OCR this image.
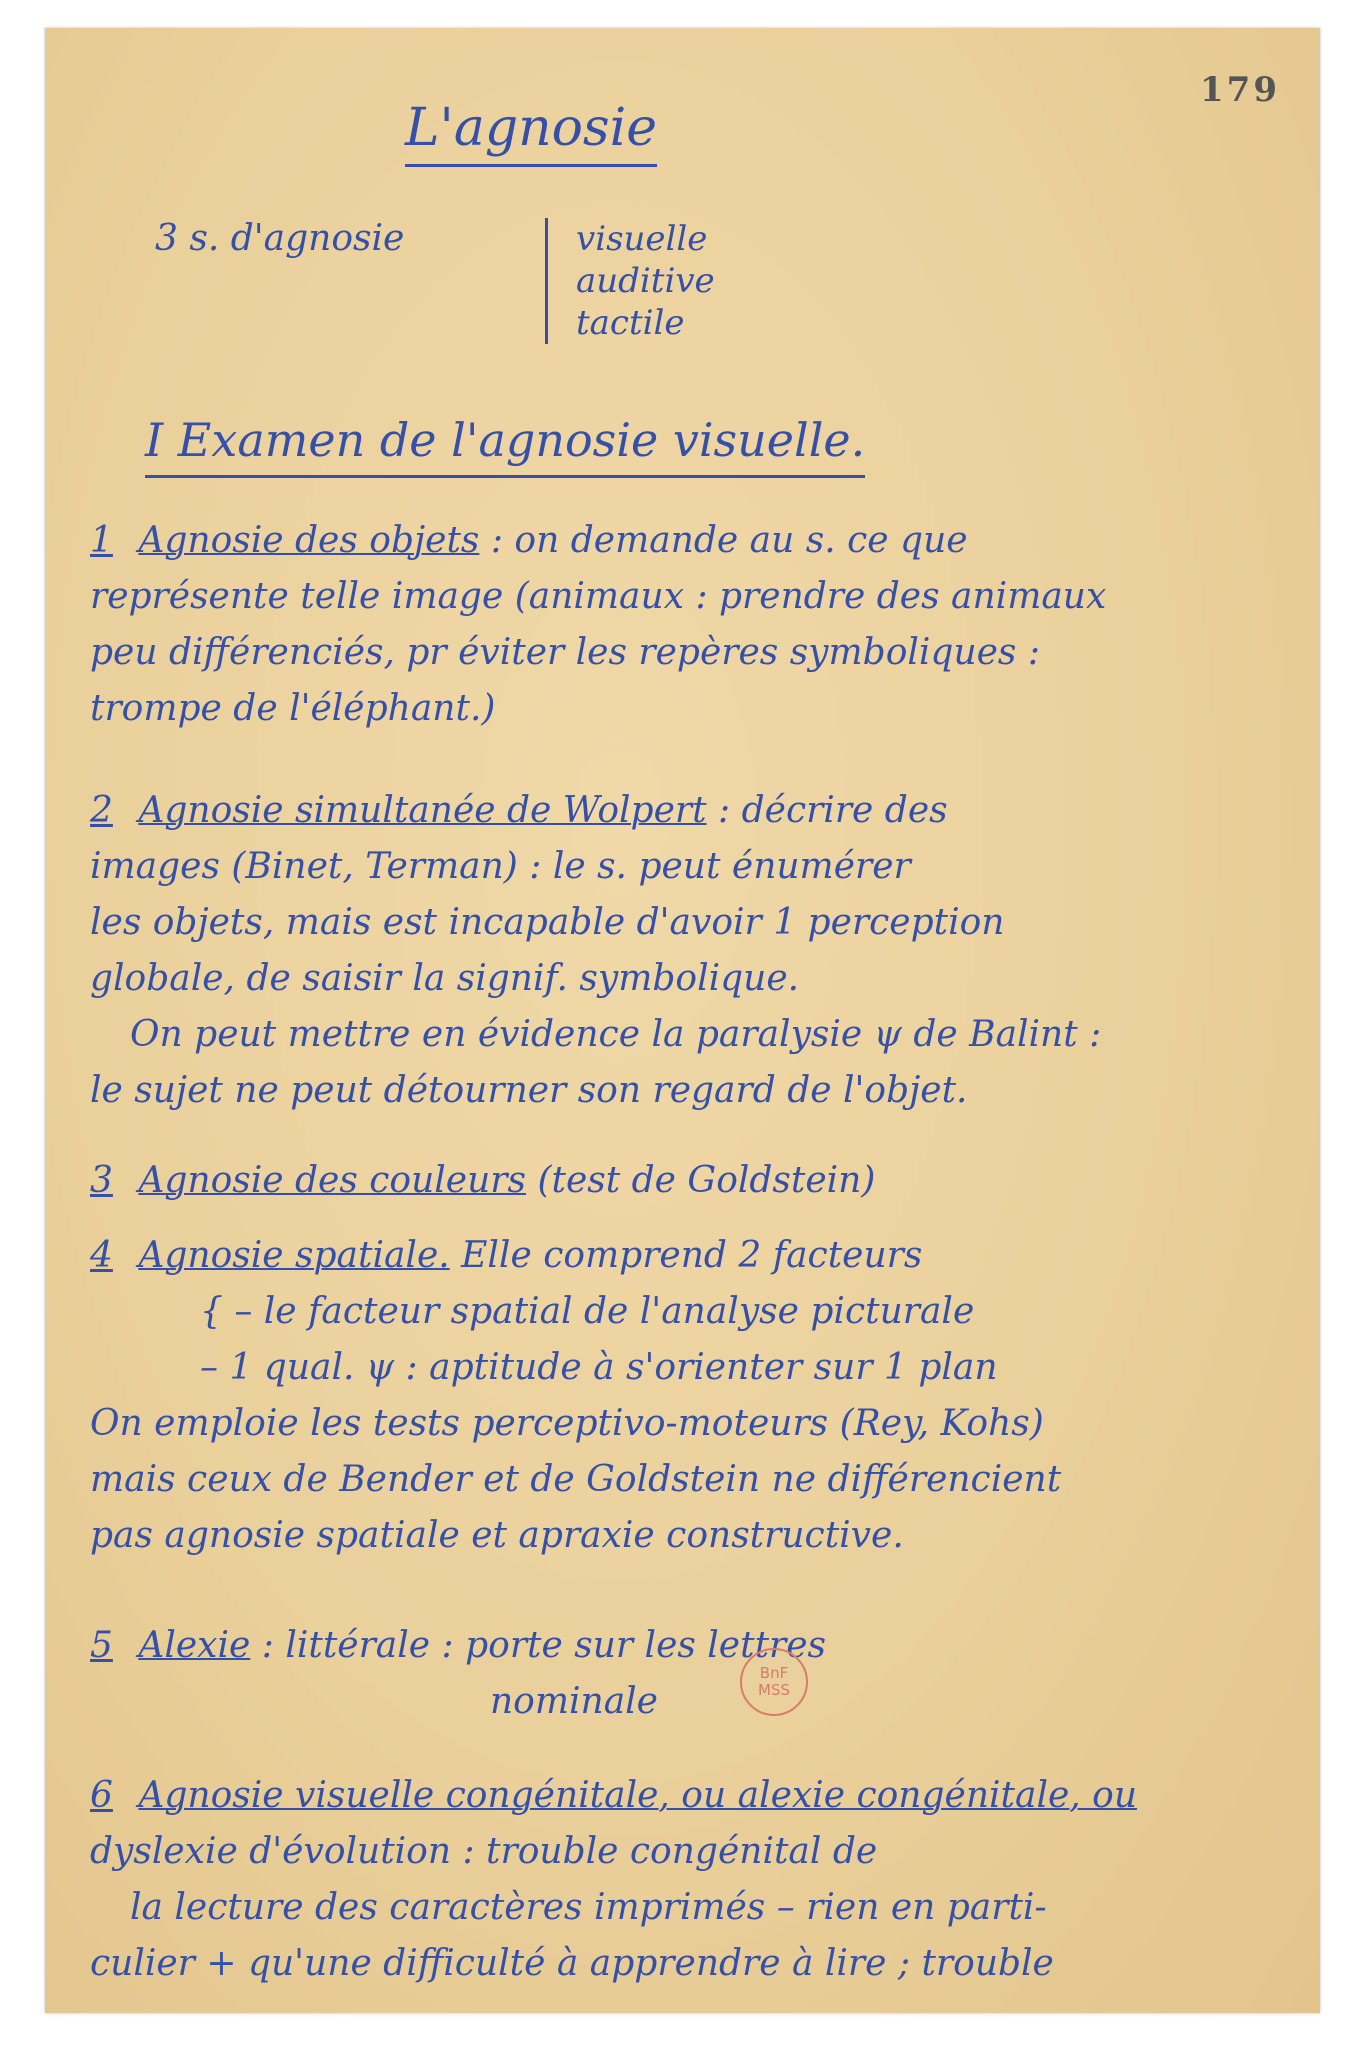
179
L'agnosie
3 s. d'agnosie	visuelle
auditive
tactile
I Examen de l'agnosie visuelle.
1 Agnosie des objets : on demande au s. ce que
représente telle image (animaux : prendre des animaux
peu différenciés, pr éviter les repères symboliques :
trompe de l'éléphant.)
2 Agnosie simultanée de Wolpert : décrire des
images (Binet, Terman) : le s. peut énumérer
les objets, mais est incapable d'avoir 1 perception
globale, de saisir la signif. symbolique.
On peut mettre en évidence la paralysie ψ de Balint :
le sujet ne peut détourner son regard de l'objet.
3 Agnosie des couleurs (test de Goldstein)
4 Agnosie spatiale. Elle comprend 2 facteurs
{ – le facteur spatial de l'analyse picturale
– 1 qual. ψ : aptitude à s'orienter sur 1 plan
On emploie les tests perceptivo-moteurs (Rey, Kohs)
mais ceux de Bender et de Goldstein ne différencient
pas agnosie spatiale et apraxie constructive.
5 Alexie : littérale : porte sur les lettres
nominale
6 Agnosie visuelle congénitale, ou alexie congénitale, ou
dyslexie d'évolution : trouble congénital de
la lecture des caractères imprimés – rien en parti-
culier + qu'une difficulté à apprendre à lire ; trouble
BnF
MSS
